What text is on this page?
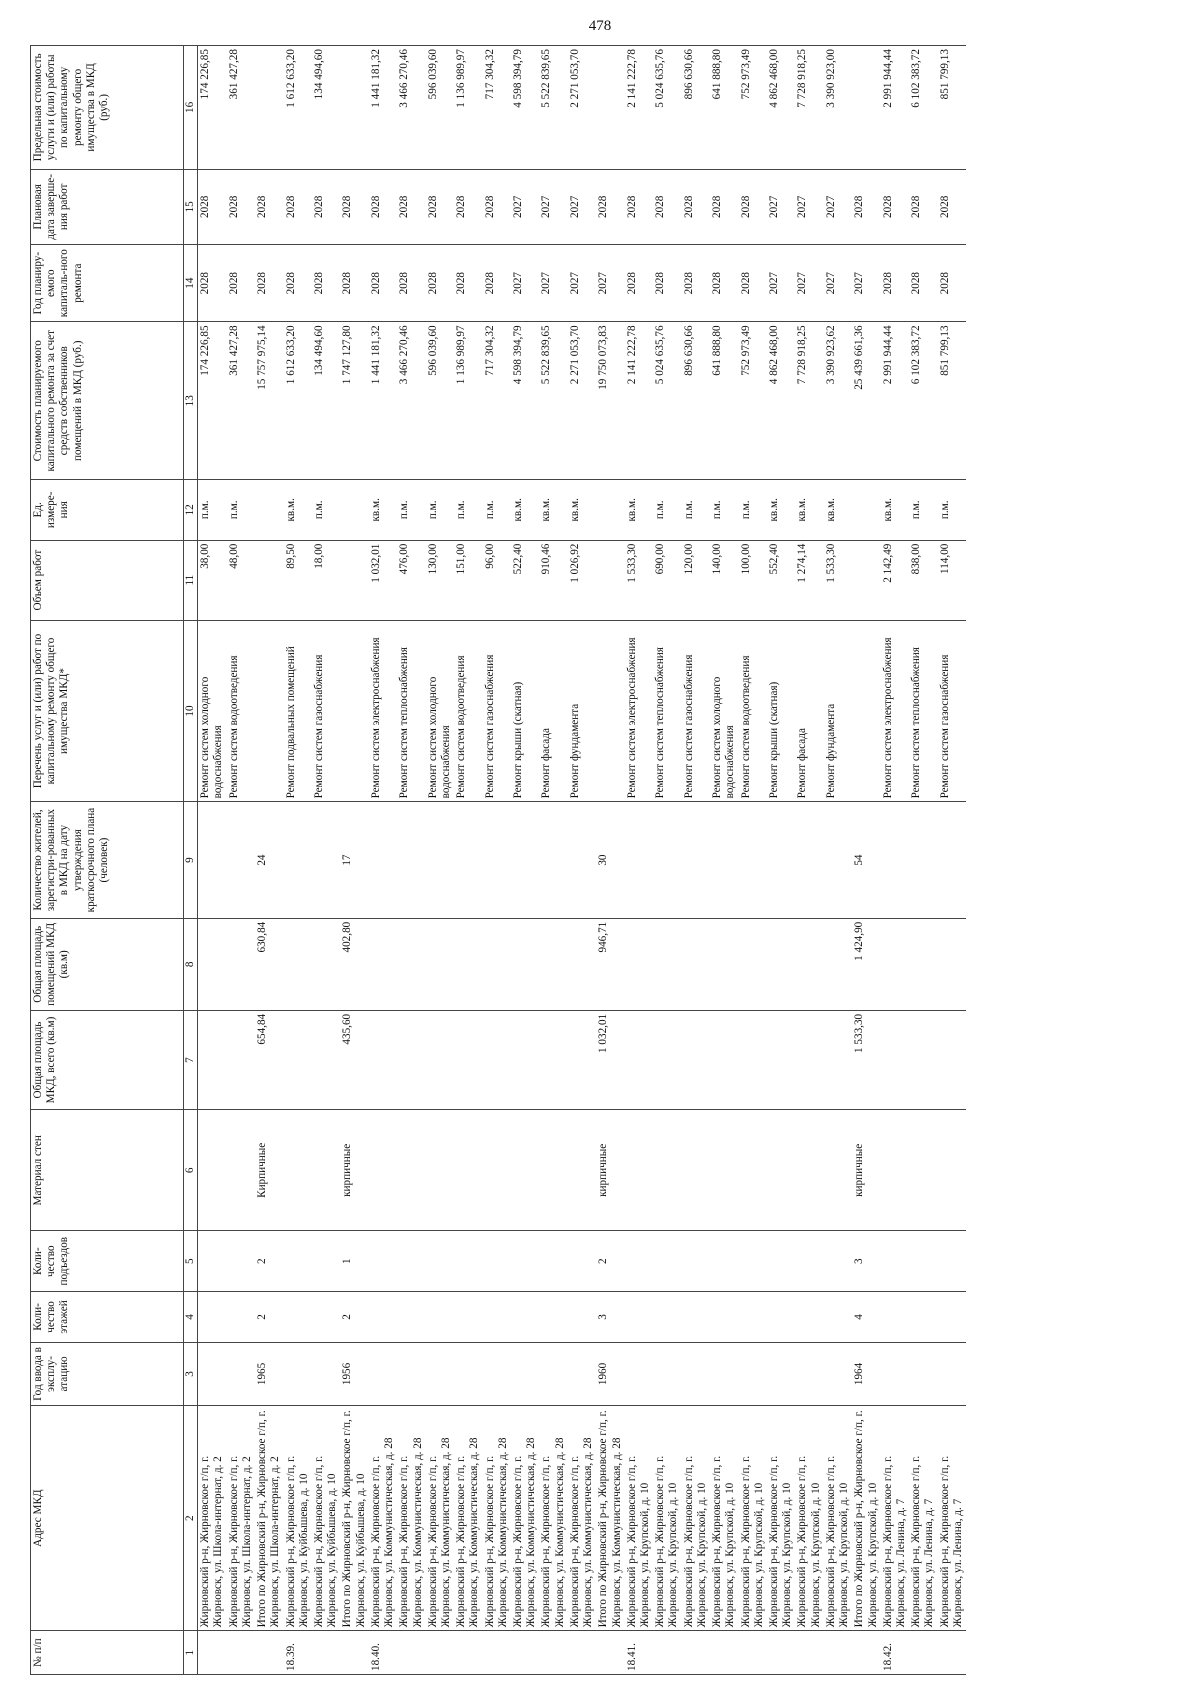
478
№ п/п	Адрес МКД	Год ввода в эксплу-атацию	Коли-чество этажей	Коли-чество подъездов	Материал стен	Общая площадь МКД, всего (кв.м)	Общая площадь помещений МКД (кв.м)	Количество жителей, зарегистри-рованных в МКД на дату утверждения краткосрочного плана (человек)	Перечень услуг и (или) работ по капитальному ремонту общего имущества МКД*	Объем работ	Ед. измере-ния	Стоимость планируемого капитального ремонта за счет средств собственников помещений в МКД (руб.)	Год планиру-емого капиталь-ного ремонта	Плановая дата заверше-ния работ	Предельная стоимость услуги и (или) работы по капитальному ремонту общего имущества в МКД (руб.)
1	2	3	4	5	6	7	8	9	10	11	12	13	14	15	16
	Жирновский р-н, Жирновское г/п, г. Жирновск, ул. Школа-интернат, д. 2								Ремонт систем холодного водоснабжения	38,00	п.м.	174 226,85	2028	2028	174 226,85
	Жирновский р-н, Жирновское г/п, г. Жирновск, ул. Школа-интернат, д. 2								Ремонт систем водоотведения	48,00	п.м.	361 427,28	2028	2028	361 427,28
	Итого по Жирновский р-н, Жирновское г/п, г. Жирновск, ул. Школа-интернат, д. 2	1965	2	2	Кирпичные	654,84	630,84	24				15 757 975,14	2028	2028	
18.39.	Жирновский р-н, Жирновское г/п, г. Жирновск, ул. Куйбышева, д. 10								Ремонт подвальных помещений	89,50	кв.м.	1 612 633,20	2028	2028	1 612 633,20
	Жирновский р-н, Жирновское г/п, г. Жирновск, ул. Куйбышева, д. 10								Ремонт систем газоснабжения	18,00	п.м.	134 494,60	2028	2028	134 494,60
	Итого по Жирновский р-н, Жирновское г/п, г. Жирновск, ул. Куйбышева, д. 10	1956	2	1	кирпичные	435,60	402,80	17				1 747 127,80	2028	2028	
18.40.	Жирновский р-н, Жирновское г/п, г. Жирновск, ул. Коммунистическая, д. 28								Ремонт систем электроснабжения	1 032,01	кв.м.	1 441 181,32	2028	2028	1 441 181,32
	Жирновский р-н, Жирновское г/п, г. Жирновск, ул. Коммунистическая, д. 28								Ремонт систем теплоснабжения	476,00	п.м.	3 466 270,46	2028	2028	3 466 270,46
	Жирновский р-н, Жирновское г/п, г. Жирновск, ул. Коммунистическая, д. 28								Ремонт систем холодного водоснабжения	130,00	п.м.	596 039,60	2028	2028	596 039,60
	Жирновский р-н, Жирновское г/п, г. Жирновск, ул. Коммунистическая, д. 28								Ремонт систем водоотведения	151,00	п.м.	1 136 989,97	2028	2028	1 136 989,97
	Жирновский р-н, Жирновское г/п, г. Жирновск, ул. Коммунистическая, д. 28								Ремонт систем газоснабжения	96,00	п.м.	717 304,32	2028	2028	717 304,32
	Жирновский р-н, Жирновское г/п, г. Жирновск, ул. Коммунистическая, д. 28								Ремонт крыши (скатная)	522,40	кв.м.	4 598 394,79	2027	2027	4 598 394,79
	Жирновский р-н, Жирновское г/п, г. Жирновск, ул. Коммунистическая, д. 28								Ремонт фасада	910,46	кв.м.	5 522 839,65	2027	2027	5 522 839,65
	Жирновский р-н, Жирновское г/п, г. Жирновск, ул. Коммунистическая, д. 28								Ремонт фундамента	1 026,92	кв.м.	2 271 053,70	2027	2027	2 271 053,70
	Итого по Жирновский р-н, Жирновское г/п, г. Жирновск, ул. Коммунистическая, д. 28	1960	3	2	кирпичные	1 032,01	946,71	30				19 750 073,83	2027	2028	
18.41.	Жирновский р-н, Жирновское г/п, г. Жирновск, ул. Крупской, д. 10								Ремонт систем электроснабжения	1 533,30	кв.м.	2 141 222,78	2028	2028	2 141 222,78
	Жирновский р-н, Жирновское г/п, г. Жирновск, ул. Крупской, д. 10								Ремонт систем теплоснабжения	690,00	п.м.	5 024 635,76	2028	2028	5 024 635,76
	Жирновский р-н, Жирновское г/п, г. Жирновск, ул. Крупской, д. 10								Ремонт систем газоснабжения	120,00	п.м.	896 630,66	2028	2028	896 630,66
	Жирновский р-н, Жирновское г/п, г. Жирновск, ул. Крупской, д. 10								Ремонт систем холодного водоснабжения	140,00	п.м.	641 888,80	2028	2028	641 888,80
	Жирновский р-н, Жирновское г/п, г. Жирновск, ул. Крупской, д. 10								Ремонт систем водоотведения	100,00	п.м.	752 973,49	2028	2028	752 973,49
	Жирновский р-н, Жирновское г/п, г. Жирновск, ул. Крупской, д. 10								Ремонт крыши (скатная)	552,40	кв.м.	4 862 468,00	2027	2027	4 862 468,00
	Жирновский р-н, Жирновское г/п, г. Жирновск, ул. Крупской, д. 10								Ремонт фасада	1 274,14	кв.м.	7 728 918,25	2027	2027	7 728 918,25
	Жирновский р-н, Жирновское г/п, г. Жирновск, ул. Крупской, д. 10								Ремонт фундамента	1 533,30	кв.м.	3 390 923,62	2027	2027	3 390 923,00
	Итого по Жирновский р-н, Жирновское г/п, г. Жирновск, ул. Крупской, д. 10	1964	4	3	кирпичные	1 533,30	1 424,90	54				25 439 661,36	2027	2028	
18.42.	Жирновский р-н, Жирновское г/п, г. Жирновск, ул. Ленина, д. 7								Ремонт систем электроснабжения	2 142,49	кв.м.	2 991 944,44	2028	2028	2 991 944,44
	Жирновский р-н, Жирновское г/п, г. Жирновск, ул. Ленина, д. 7								Ремонт систем теплоснабжения	838,00	п.м.	6 102 383,72	2028	2028	6 102 383,72
	Жирновский р-н, Жирновское г/п, г. Жирновск, ул. Ленина, д. 7								Ремонт систем газоснабжения	114,00	п.м.	851 799,13	2028	2028	851 799,13
